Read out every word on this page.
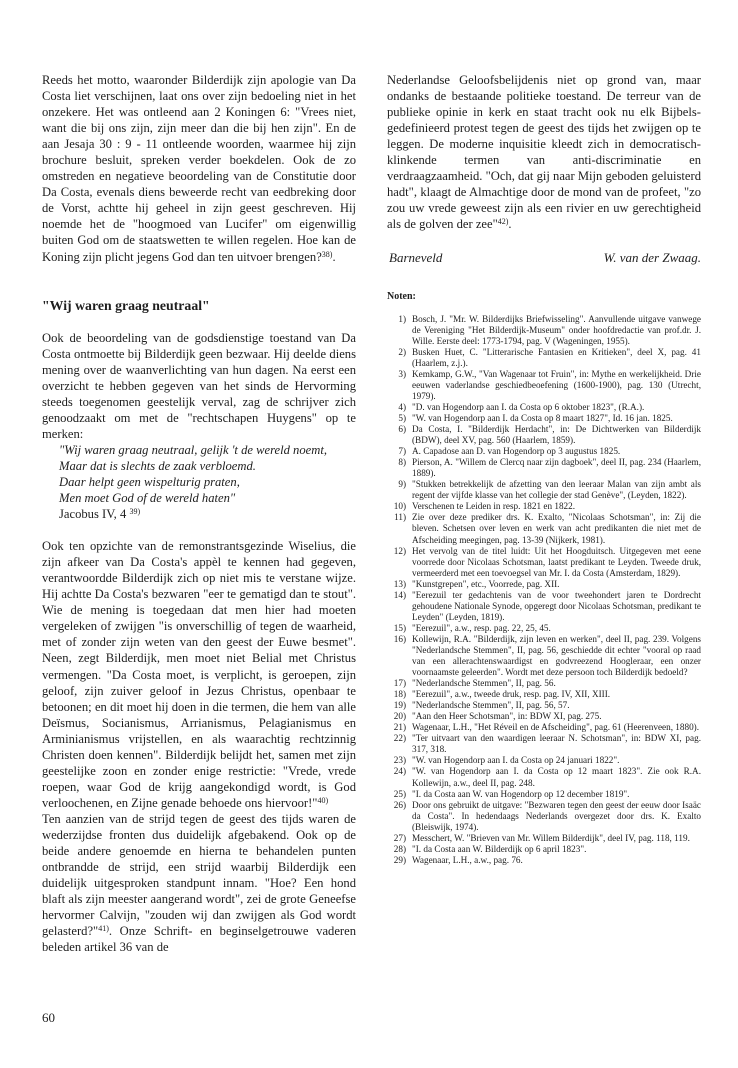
Reeds het motto, waaronder Bilderdijk zijn apologie van Da Costa liet verschijnen, laat ons over zijn bedoeling niet in het onzekere. Het was ontleend aan 2 Koningen 6: "Vrees niet, want die bij ons zijn, zijn meer dan die bij hen zijn". En de aan Jesaja 30 : 9 - 11 ontleende woorden, waarmee hij zijn brochure besluit, spreken verder boekdelen. Ook de zo omstreden en negatieve beoordeling van de Constitutie door Da Costa, evenals diens beweerde recht van eedbreking door de Vorst, achtte hij geheel in zijn geest geschreven. Hij noemde het de "hoogmoed van Lucifer" om eigenwillig buiten God om de staatswetten te willen regelen. Hoe kan de Koning zijn plicht jegens God dan ten uitvoer brengen?$^{38)}$.

"Wij waren graag neutraal"

Ook de beoordeling van de godsdienstige toestand van Da Costa ontmoette bij Bilderdijk geen bezwaar. Hij deelde diens mening over de waanverlichting van hun dagen. Na eerst een overzicht te hebben gegeven van het sinds de Hervorming steeds toegenomen geestelijk verval, zag de schrijver zich genoodzaakt om met de "rechtschapen Huygens" op te merken:

"Wij waren graag neutraal, gelijk 't de wereld noemt,
Maar dat is slechts de zaak verbloemd.
Daar helpt geen wispelturig praten,
Men moet God of de wereld haten"
Jacobus IV, 4 $^{39)}$

Ook ten opzichte van de remonstrantsgezinde Wiselius, die zijn afkeer van Da Costa's appèl te kennen had gegeven, verantwoordde Bilderdijk zich op niet mis te verstane wijze. Hij achtte Da Costa's bezwaren "eer te gematigd dan te stout". Wie de mening is toegedaan dat men hier had moeten vergeleken of zwijgen "is onverschillig of tegen de waarheid, met of zonder zijn weten van den geest der Euwe besmet". Neen, zegt Bilderdijk, men moet niet Belial met Christus vermengen. "Da Costa moet, is verplicht, is geroepen, zijn geloof, zijn zuiver geloof in Jezus Christus, openbaar te betoonen; en dit moet hij doen in die termen, die hem van alle Deïsmus, Socianismus, Arrianismus, Pelagianismus en Arminianismus vrijstellen, en als waarachtig rechtzinnig Christen doen kennen". Bilderdijk belijdt het, samen met zijn geestelijke zoon en zonder enige restrictie: "Vrede, vrede roepen, waar God de krijg aangekondigd wordt, is God verloochenen, en Zijne genade behoede ons hiervoor!"$^{40)}$

Ten aanzien van de strijd tegen de geest des tijds waren de wederzijdse fronten dus duidelijk afgebakend. Ook op de beide andere genoemde en hierna te behandelen punten ontbrandde de strijd, een strijd waarbij Bilderdijk een duidelijk uitgesproken standpunt innam. "Hoe? Een hond blaft als zijn meester aangerand wordt", zei de grote Geneefse hervormer Calvijn, "zouden wij dan zwijgen als God wordt gelasterd?"$^{41)}$. Onze Schrift- en beginselgetrouwe vaderen beleden artikel 36 van de

Nederlandse Geloofsbelijdenis niet op grond van, maar ondanks de bestaande politieke toestand. De terreur van de publieke opinie in kerk en staat tracht ook nu elk Bijbels-gedefinieerd protest tegen de geest des tijds het zwijgen op te leggen. De moderne inquisitie kleedt zich in democratisch-klinkende termen van anti-discriminatie en verdraagzaamheid. "Och, dat gij naar Mijn geboden geluisterd hadt", klaagt de Almachtige door de mond van de profeet, "zo zou uw vrede geweest zijn als een rivier en uw gerechtigheid als de golven der zee"$^{42)}$.

Barneveld	W. van der Zwaag.
Noten:
1) Bosch, J. "Mr. W. Bilderdijks Briefwisseling". Aanvullende uitgave vanwege de Vereniging "Het Bilderdijk-Museum" onder hoofdredactie van prof.dr. J. Wille. Eerste deel: 1773-1794, pag. V (Wageningen, 1955).
2) Busken Huet, C. "Litterarische Fantasien en Kritieken", deel X, pag. 41 (Haarlem, z.j.).
3) Kemkamp, G.W., "Van Wagenaar tot Fruin", in: Mythe en werkelijkheid. Drie eeuwen vaderlandse geschiedbeoefening (1600-1900), pag. 130 (Utrecht, 1979).
4) "D. van Hogendorp aan I. da Costa op 6 oktober 1823", (R.A.).
5) "W. van Hogendorp aan I. da Costa op 8 maart 1827", Id. 16 jan. 1825.
6) Da Costa, I. "Bilderdijk Herdacht", in: De Dichtwerken van Bilderdijk (BDW), deel XV, pag. 560 (Haarlem, 1859).
7) A. Capadose aan D. van Hogendorp op 3 augustus 1825.
8) Pierson, A. "Willem de Clercq naar zijn dagboek", deel II, pag. 234 (Haarlem, 1889).
9) "Stukken betrekkelijk de afzetting van den leeraar Malan van zijn ambt als regent der vijfde klasse van het collegie der stad Genève", (Leyden, 1822).
10) Verschenen te Leiden in resp. 1821 en 1822.
11) Zie over deze prediker drs. K. Exalto, "Nicolaas Schotsman", in: Zij die bleven. Schetsen over leven en werk van acht predikanten die niet met de Afscheiding meegingen, pag. 13-39 (Nijkerk, 1981).
12) Het vervolg van de titel luidt: Uit het Hoogduitsch. Uitgegeven met eene voorrede door Nicolaas Schotsman, laatst predikant te Leyden. Tweede druk, vermeerderd met een toevoegsel van Mr. I. da Costa (Amsterdam, 1829).
13) "Kunstgrepen", etc., Voorrede, pag. XII.
14) "Eerezuil ter gedachtenis van de voor tweehondert jaren te Dordrecht gehoudene Nationale Synode, opgeregt door Nicolaas Schotsman, predikant te Leyden" (Leyden, 1819).
15) "Eerezuil", a.w., resp. pag. 22, 25, 45.
16) Kollewijn, R.A. "Bilderdijk, zijn leven en werken", deel II, pag. 239. Volgens "Nederlandsche Stemmen", II, pag. 56, geschiedde dit echter "vooral op raad van een allerachtenswaardigst en godvreezend Hoogleraar, een onzer voornaamste geleerden". Wordt met deze persoon toch Bilderdijk bedoeld?
17) "Nederlandsche Stemmen", II, pag. 56.
18) "Eerezuil", a.w., tweede druk, resp. pag. IV, XII, XIII.
19) "Nederlandsche Stemmen", II, pag. 56, 57.
20) "Aan den Heer Schotsman", in: BDW XI, pag. 275.
21) Wagenaar, L.H., "Het Réveil en de Afscheiding", pag. 61 (Heerenveen, 1880).
22) "Ter uitvaart van den waardigen leeraar N. Schotsman", in: BDW XI, pag. 317, 318.
23) "W. van Hogendorp aan I. da Costa op 24 januari 1822".
24) "W. van Hogendorp aan I. da Costa op 12 maart 1823". Zie ook R.A. Kollewijn, a.w., deel II, pag. 248.
25) "I. da Costa aan W. van Hogendorp op 12 december 1819".
26) Door ons gebruikt de uitgave: "Bezwaren tegen den geest der eeuw door Isaäc da Costa". In hedendaags Nederlands overgezet door drs. K. Exalto (Bleiswijk, 1974).
27) Messchert, W. "Brieven van Mr. Willem Bilderdijk", deel IV, pag. 118, 119.
28) "I. da Costa aan W. Bilderdijk op 6 april 1823".
29) Wagenaar, L.H., a.w., pag. 76.
60
